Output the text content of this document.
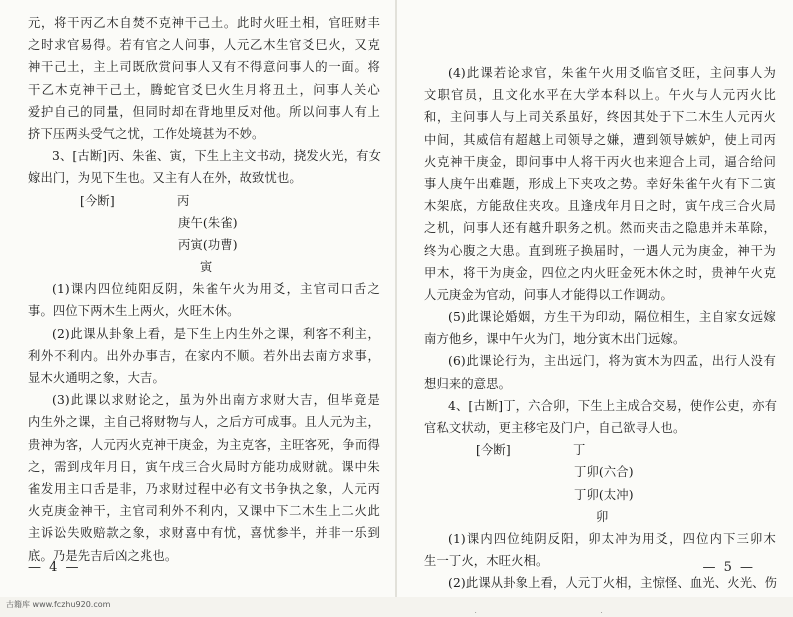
元，将干丙乙木自焚不克神干己土。此时火旺土相，官旺财丰
之时求官易得。若有官之人问事，人元乙木生官爻巳火，又克
神干己土，主上司既欣赏问事人又有不得意问事人的一面。将
干乙木克神干己土，腾蛇官爻巳火生月将丑土，问事人关心
爱护自己的同量，但同时却在背地里反对他。所以问事人有上
挤下压两头受气之忧，工作处境甚为不妙。
3、[古断]丙、朱雀、寅，下生上主文书动，挠发火光，有女
嫁出门，为见下生也。又主有人在外，故致忧也。
[今断]　　　　　丙
庚午(朱雀)
丙寅(功曹)
寅
(1)课内四位纯阳反阴，朱雀午火为用爻，主官司口舌之
事。四位下两木生上两火，火旺木休。
(2)此课从卦象上看，是下生上内生外之课，利客不利主，
利外不利内。出外办事吉，在家内不顺。若外出去南方求事，
显木火通明之象，大吉。
(3)此课以求财论之，虽为外出南方求财大吉，但毕竟是
内生外之课，主自己将财物与人，之后方可成事。且人元为主，
贵神为客，人元丙火克神干庚金，为主克客，主旺客死，争而得
之，需到戌年月日，寅午戌三合火局时方能功成财就。课中朱
雀发用主口舌是非，乃求财过程中必有文书争执之象，人元丙
火克庚金神干，主官司利外不利内，又课中下二木生上二火此
主诉讼失败赔款之象，求财喜中有忧，喜忧参半，并非一乐到
底。乃是先吉后凶之兆也。
— 4 —
(4)此课若论求官，朱雀午火用爻临官爻旺，主问事人为
文职官员，且文化水平在大学本科以上。午火与人元丙火比
和，主问事人与上司关系虽好，终因其处于下二木生人元丙火
中间，其威信有超越上司领导之嫌，遭到领导嫉妒，使上司丙
火克神干庚金，即问事中人将干丙火也来迎合上司，逼合给问
事人庚午出难题，形成上下夹攻之势。幸好朱雀午火有下二寅
木架底，方能敌住夹攻。且逢戌年月日之时，寅午戌三合火局
之机，问事人还有越升职务之机。然而夹击之隐患并未革除，
终为心腹之大患。直到班子换届时，一遇人元为庚金，神干为
甲木，将干为庚金，四位之内火旺金死木休之时，贵神午火克
人元庚金为官动，问事人才能得以工作调动。
(5)此课论婚姻，方生干为印动，隔位相生，主自家女远嫁
南方他乡，课中午火为门，地分寅木出门远嫁。
(6)此课论行为，主出远门，将为寅木为四孟，出行人没有
想归来的意思。
4、[古断]丁，六合卯，下生上主成合交易，使作公吏，亦有
官私文状动，更主移宅及门户，自己欲寻人也。
[今断]　　　　　丁
丁卯(六合)
丁卯(太冲)
卯
(1)课内四位纯阴反阳，卯太冲为用爻，四位内下三卯木
生一丁火，木旺火相。
(2)此课从卦象上看，人元丁火相，主惊怪、血光、火光、伤
— 5 —
古籍库 www.fczhu920.com
